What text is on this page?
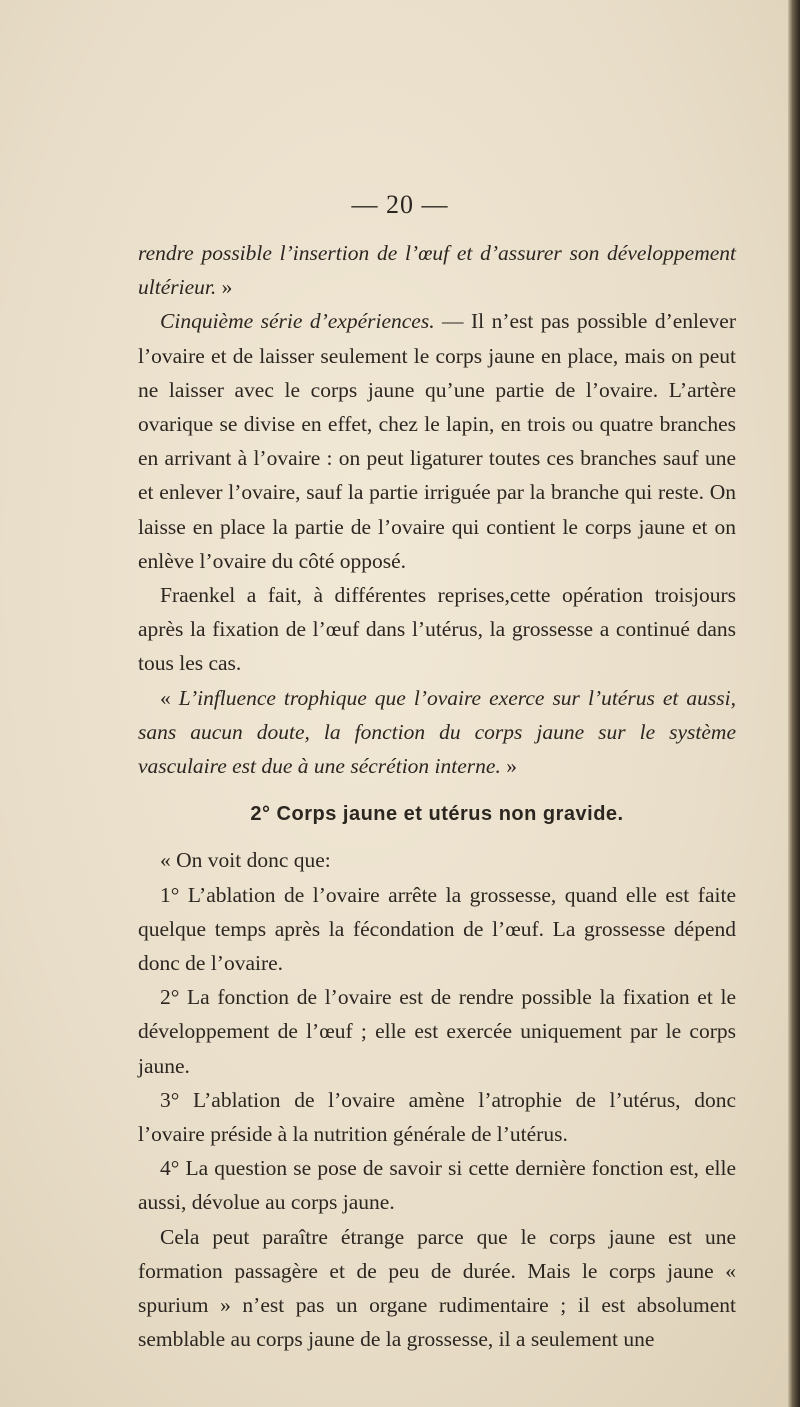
— 20 —

rendre possible l’insertion de l’œuf et d’assurer son développement ultérieur. »

Cinquième série d’expériences. — Il n’est pas possible d’enlever l’ovaire et de laisser seulement le corps jaune en place, mais on peut ne laisser avec le corps jaune qu’une partie de l’ovaire. L’artère ovarique se divise en effet, chez le lapin, en trois ou quatre branches en arrivant à l’ovaire : on peut ligaturer toutes ces branches sauf une et enlever l’ovaire, sauf la partie irriguée par la branche qui reste. On laisse en place la partie de l’ovaire qui contient le corps jaune et on enlève l’ovaire du côté opposé.

Fraenkel a fait, à différentes reprises,cette opération troisjours après la fixation de l’œuf dans l’utérus, la grossesse a continué dans tous les cas.

« L’influence trophique que l’ovaire exerce sur l’utérus et aussi, sans aucun doute, la fonction du corps jaune sur le système vasculaire est due à une sécrétion interne. »

2° Corps jaune et utérus non gravide.

« On voit donc que:

1° L’ablation de l’ovaire arrête la grossesse, quand elle est faite quelque temps après la fécondation de l’œuf. La grossesse dépend donc de l’ovaire.

2° La fonction de l’ovaire est de rendre possible la fixation et le développement de l’œuf ; elle est exercée uniquement par le corps jaune.

3° L’ablation de l’ovaire amène l’atrophie de l’utérus, donc l’ovaire préside à la nutrition générale de l’utérus.

4° La question se pose de savoir si cette dernière fonction est, elle aussi, dévolue au corps jaune.

Cela peut paraître étrange parce que le corps jaune est une formation passagère et de peu de durée. Mais le corps jaune « spurium » n’est pas un organe rudimentaire ; il est absolument semblable au corps jaune de la grossesse, il a seulement une
